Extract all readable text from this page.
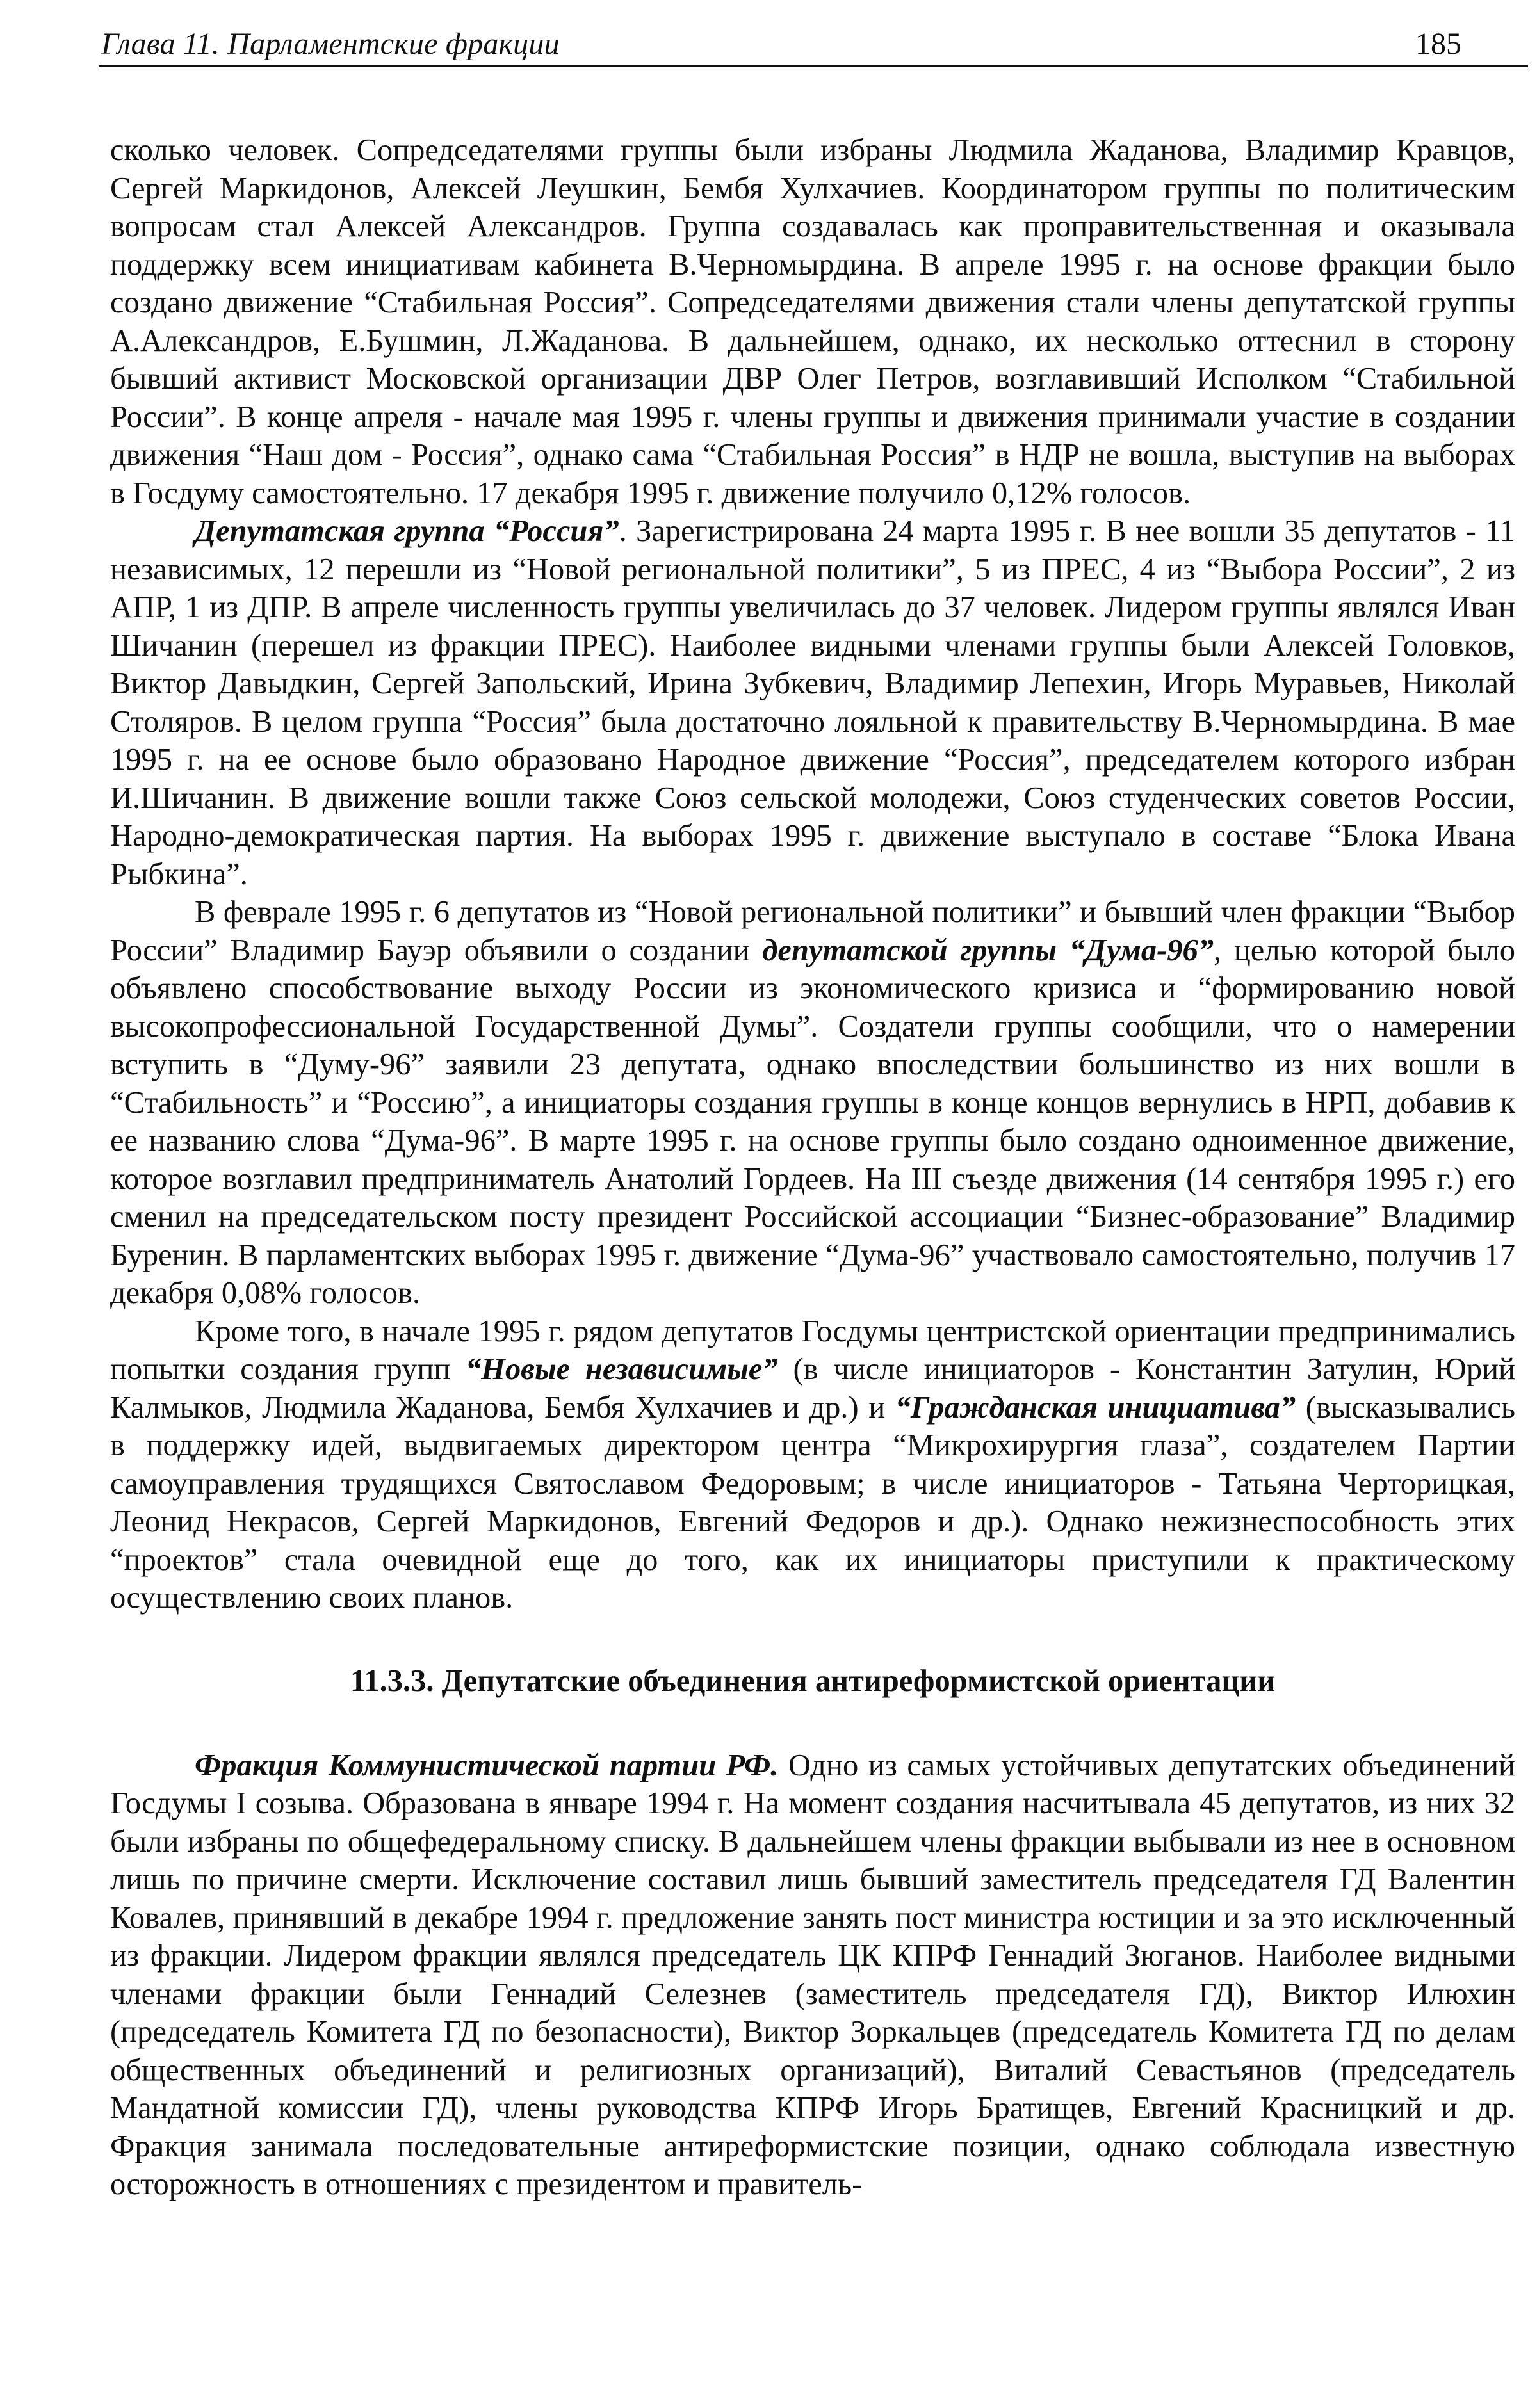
Глава 11. Парламентские фракции	185

сколько человек. Сопредседателями группы были избраны Людмила Жаданова, Владимир Кравцов, Сергей Маркидонов, Алексей Леушкин, Бембя Хулхачиев. Координатором группы по политическим вопросам стал Алексей Александров. Группа создавалась как проправительственная и оказывала поддержку всем инициативам кабинета В.Черномырдина. В апреле 1995 г. на основе фракции было создано движение “Стабильная Россия”. Сопредседателями движения стали члены депутатской группы А.Александров, Е.Бушмин, Л.Жаданова. В дальнейшем, однако, их несколько оттеснил в сторону бывший активист Московской организации ДВР Олег Петров, возглавивший Исполком “Стабильной России”. В конце апреля - начале мая 1995 г. члены группы и движения принимали участие в создании движения “Наш дом - Россия”, однако сама “Стабильная Россия” в НДР не вошла, выступив на выборах в Госдуму самостоятельно. 17 декабря 1995 г. движение получило 0,12% голосов.

Депутатская группа “Россия”. Зарегистрирована 24 марта 1995 г. В нее вошли 35 депутатов - 11 независимых, 12 перешли из “Новой региональной политики”, 5 из ПРЕС, 4 из “Выбора России”, 2 из АПР, 1 из ДПР. В апреле численность группы увеличилась до 37 человек. Лидером группы являлся Иван Шичанин (перешел из фракции ПРЕС). Наиболее видными членами группы были Алексей Головков, Виктор Давыдкин, Сергей Запольский, Ирина Зубкевич, Владимир Лепехин, Игорь Муравьев, Николай Столяров. В целом группа “Россия” была достаточно лояльной к правительству В.Черномырдина. В мае 1995 г. на ее основе было образовано Народное движение “Россия”, председателем которого избран И.Шичанин. В движение вошли также Союз сельской молодежи, Союз студенческих советов России, Народно-демократическая партия. На выборах 1995 г. движение выступало в составе “Блока Ивана Рыбкина”.

В феврале 1995 г. 6 депутатов из “Новой региональной политики” и бывший член фракции “Выбор России” Владимир Бауэр объявили о создании депутатской группы “Дума-96”, целью которой было объявлено способствование выходу России из экономического кризиса и “формированию новой высокопрофессиональной Государственной Думы”. Создатели группы сообщили, что о намерении вступить в “Думу-96” заявили 23 депутата, однако впоследствии большинство из них вошли в “Стабильность” и “Россию”, а инициаторы создания группы в конце концов вернулись в НРП, добавив к ее названию слова “Дума-96”. В марте 1995 г. на основе группы было создано одноименное движение, которое возглавил предприниматель Анатолий Гордеев. На III съезде движения (14 сентября 1995 г.) его сменил на председательском посту президент Российской ассоциации “Бизнес-образование” Владимир Буренин. В парламентских выборах 1995 г. движение “Дума-96” участвовало самостоятельно, получив 17 декабря 0,08% голосов.

Кроме того, в начале 1995 г. рядом депутатов Госдумы центристской ориентации предпринимались попытки создания групп “Новые независимые” (в числе инициаторов - Константин Затулин, Юрий Калмыков, Людмила Жаданова, Бембя Хулхачиев и др.) и “Гражданская инициатива” (высказывались в поддержку идей, выдвигаемых директором центра “Микрохирургия глаза”, создателем Партии самоуправления трудящихся Святославом Федоровым; в числе инициаторов - Татьяна Черторицкая, Леонид Некрасов, Сергей Маркидонов, Евгений Федоров и др.). Однако нежизнеспособность этих “проектов” стала очевидной еще до того, как их инициаторы приступили к практическому осуществлению своих планов.

11.3.3. Депутатские объединения антиреформистской ориентации

Фракция Коммунистической партии РФ. Одно из самых устойчивых депутатских объединений Госдумы I созыва. Образована в январе 1994 г. На момент создания насчитывала 45 депутатов, из них 32 были избраны по общефедеральному списку. В дальнейшем члены фракции выбывали из нее в основном лишь по причине смерти. Исключение составил лишь бывший заместитель председателя ГД Валентин Ковалев, принявший в декабре 1994 г. предложение занять пост министра юстиции и за это исключенный из фракции. Лидером фракции являлся председатель ЦК КПРФ Геннадий Зюганов. Наиболее видными членами фракции были Геннадий Селезнев (заместитель председателя ГД), Виктор Илюхин (председатель Комитета ГД по безопасности), Виктор Зоркальцев (председатель Комитета ГД по делам общественных объединений и религиозных организаций), Виталий Севастьянов (председатель Мандатной комиссии ГД), члены руководства КПРФ Игорь Братищев, Евгений Красницкий и др. Фракция занимала последовательные антиреформистские позиции, однако соблюдала известную осторожность в отношениях с президентом и правитель-
